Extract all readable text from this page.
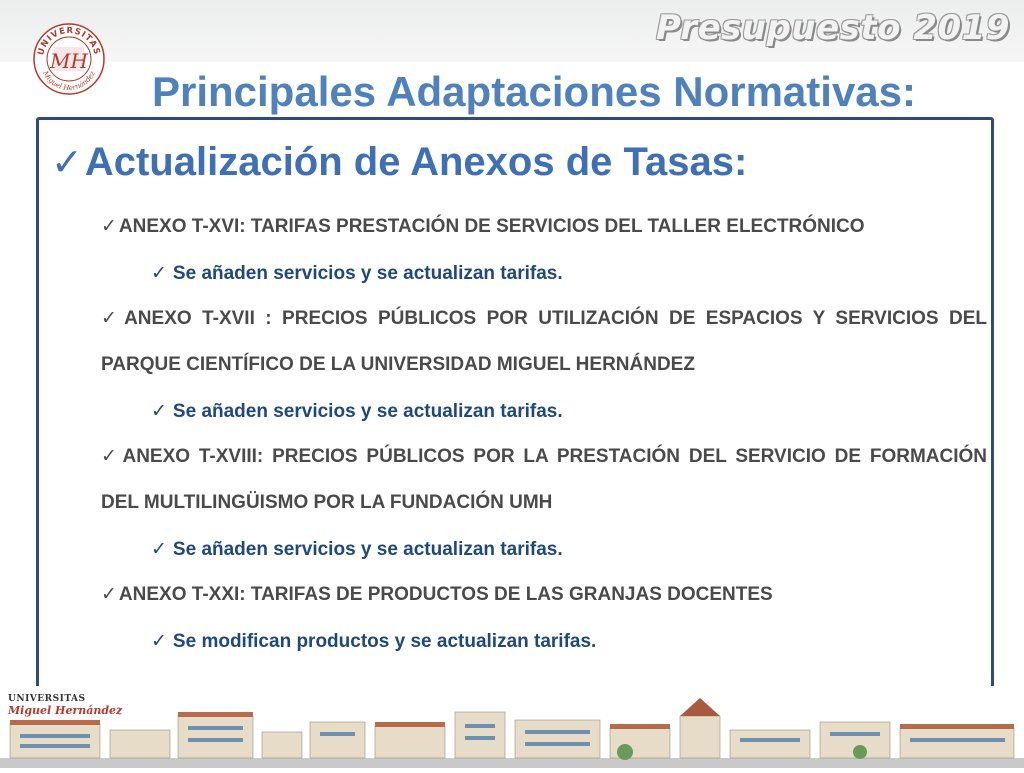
Presupuesto 2019
UNIVERSITAS
Miguel Hernández
MH
Principales Adaptaciones Normativas:
✓ Actualización de Anexos de Tasas:
✓ ANEXO T-XVI: TARIFAS PRESTACIÓN DE SERVICIOS DEL TALLER ELECTRÓNICO
✓ Se añaden servicios y se actualizan tarifas.
✓ ANEXO T-XVII : PRECIOS PÚBLICOS POR UTILIZACIÓN DE ESPACIOS Y SERVICIOS DEL PARQUE CIENTÍFICO DE LA UNIVERSIDAD MIGUEL HERNÁNDEZ
✓ Se añaden servicios y se actualizan tarifas.
✓ ANEXO T-XVIII: PRECIOS PÚBLICOS POR LA PRESTACIÓN DEL SERVICIO DE FORMACIÓN DEL MULTILINGÜISMO POR LA FUNDACIÓN UMH
✓ Se añaden servicios y se actualizan tarifas.
✓ ANEXO T-XXI: TARIFAS DE PRODUCTOS DE LAS GRANJAS DOCENTES
✓ Se modifican productos y se actualizan tarifas.
UNIVERSITAS
Miguel Hernández
